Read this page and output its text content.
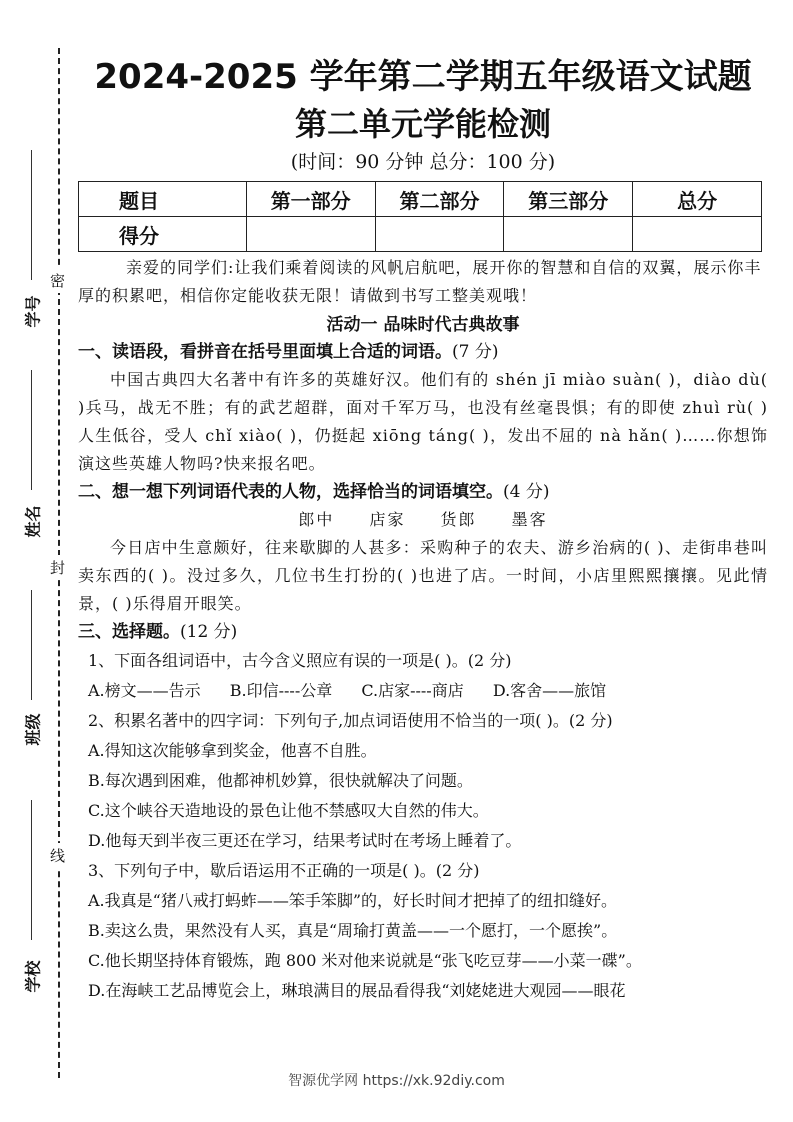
密
封
线
学号
姓名
班级
学校
2024-2025 学年第二学期五年级语文试题
第二单元学能检测
(时间：90 分钟 总分：100 分)
题目	第一部分	第二部分	第三部分	总分
得分				

亲爱的同学们:让我们乘着阅读的风帆启航吧，展开你的智慧和自信的双翼，展示你丰厚的积累吧，相信你定能收获无限！请做到书写工整美观哦！

活动一 品味时代古典故事
一、读语段，看拼音在括号里面填上合适的词语。(7 分)

中国古典四大名著中有许多的英雄好汉。他们有的 shén jī miào suàn( )，diào dù( )兵马，战无不胜；有的武艺超群，面对千军万马，也没有丝毫畏惧；有的即使 zhuì rù( )人生低谷，受人 chǐ xiào( )，仍挺起 xiōng táng( )，发出不屈的 nà hǎn( )……你想饰演这些英雄人物吗?快来报名吧。

二、想一想下列词语代表的人物，选择恰当的词语填空。(4 分)
郎中 店家 货郎 墨客

今日店中生意颇好，往来歇脚的人甚多：采购种子的农夫、游乡治病的( )、走街串巷叫卖东西的( )。没过多久，几位书生打扮的( )也进了店。一时间，小店里熙熙攘攘。见此情景，( )乐得眉开眼笑。

三、选择题。(12 分)
1、下面各组词语中，古今含义照应有误的一项是( )。(2 分)
A.榜文——告示 B.印信----公章 C.店家----商店 D.客舍——旅馆
2、积累名著中的四字词：下列句子,加点词语使用不恰当的一项( )。(2 分)
A.得知这次能够拿到奖金，他喜不自胜。
B.每次遇到困难，他都神机妙算，很快就解决了问题。
C.这个峡谷天造地设的景色让他不禁感叹大自然的伟大。
D.他每天到半夜三更还在学习，结果考试时在考场上睡着了。
3、下列句子中，歇后语运用不正确的一项是( )。(2 分)
A.我真是“猪八戒打蚂蚱——笨手笨脚”的，好长时间才把掉了的纽扣缝好。
B.卖这么贵，果然没有人买，真是“周瑜打黄盖——一个愿打，一个愿挨”。
C.他长期坚持体育锻炼，跑 800 米对他来说就是“张飞吃豆芽——小菜一碟”。
D.在海峡工艺品博览会上，琳琅满目的展品看得我“刘姥姥进大观园——眼花
智源优学网 https://xk.92diy.com
